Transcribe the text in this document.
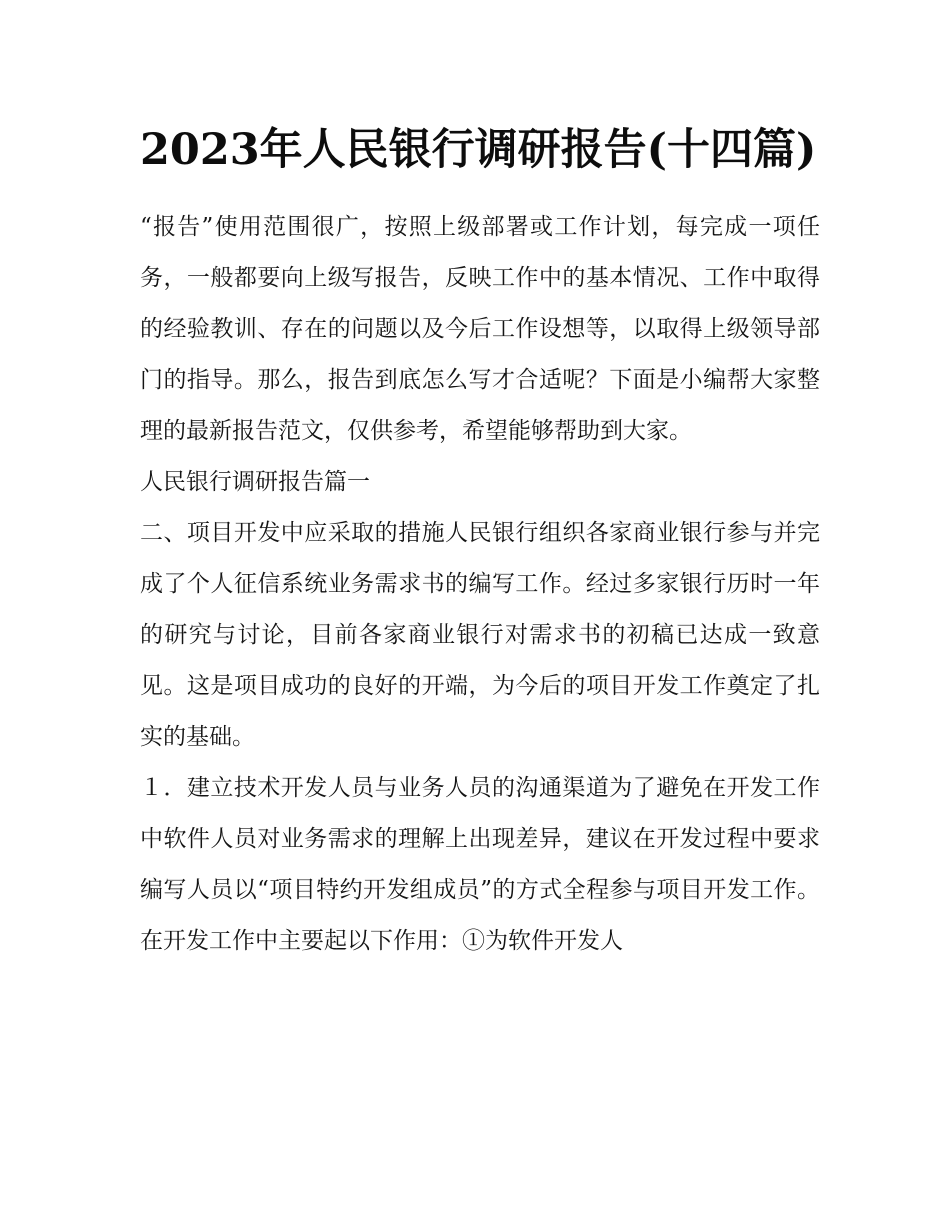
2023年人民银行调研报告(十四篇)

“报告”使用范围很广，按照上级部署或工作计划，每完成一项任务，一般都要向上级写报告，反映工作中的基本情况、工作中取得的经验教训、存在的问题以及今后工作设想等，以取得上级领导部门的指导。那么，报告到底怎么写才合适呢？下面是小编帮大家整理的最新报告范文，仅供参考，希望能够帮助到大家。

人民银行调研报告篇一

二、项目开发中应采取的措施人民银行组织各家商业银行参与并完成了个人征信系统业务需求书的编写工作。经过多家银行历时一年的研究与讨论，目前各家商业银行对需求书的初稿已达成一致意见。这是项目成功的良好的开端，为今后的项目开发工作奠定了扎实的基础。

１．建立技术开发人员与业务人员的沟通渠道为了避免在开发工作中软件人员对业务需求的理解上出现差异，建议在开发过程中要求编写人员以“项目特约开发组成员”的方式全程参与项目开发工作。在开发工作中主要起以下作用：①为软件开发人
